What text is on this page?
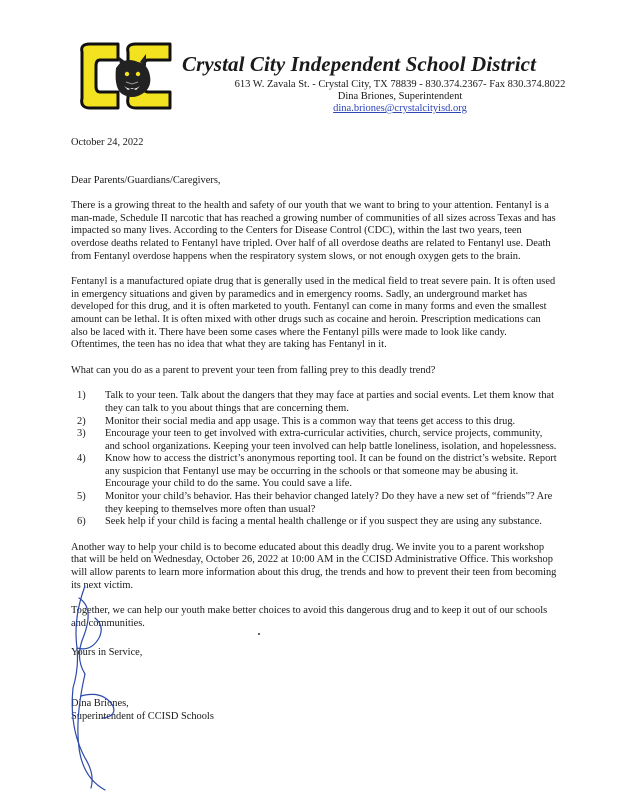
Crystal City Independent School District
613 W. Zavala St. - Crystal City, TX 78839 - 830.374.2367- Fax 830.374.8022
Dina Briones, Superintendent
dina.briones@crystalcityisd.org

October 24, 2022

Dear Parents/Guardians/Caregivers,

There is a growing threat to the health and safety of our youth that we want to bring to your attention. Fentanyl is a man-made, Schedule II narcotic that has reached a growing number of communities of all sizes across Texas and has impacted so many lives. According to the Centers for Disease Control (CDC), within the last two years, teen overdose deaths related to Fentanyl have tripled. Over half of all overdose deaths are related to Fentanyl use. Death from Fentanyl overdose happens when the respiratory system slows, or not enough oxygen gets to the brain.

Fentanyl is a manufactured opiate drug that is generally used in the medical field to treat severe pain. It is often used in emergency situations and given by paramedics and in emergency rooms. Sadly, an underground market has developed for this drug, and it is often marketed to youth. Fentanyl can come in many forms and even the smallest amount can be lethal. It is often mixed with other drugs such as cocaine and heroin. Prescription medications can also be laced with it. There have been some cases where the Fentanyl pills were made to look like candy. Oftentimes, the teen has no idea that what they are taking has Fentanyl in it.

What can you do as a parent to prevent your teen from falling prey to this deadly trend?

1)	Talk to your teen. Talk about the dangers that they may face at parties and social events. Let them know that they can talk to you about things that are concerning them.
2)	Monitor their social media and app usage. This is a common way that teens get access to this drug.
3)	Encourage your teen to get involved with extra-curricular activities, church, service projects, community, and school organizations. Keeping your teen involved can help battle loneliness, isolation, and hopelessness.
4)	Know how to access the district’s anonymous reporting tool. It can be found on the district’s website. Report any suspicion that Fentanyl use may be occurring in the schools or that someone may be abusing it. Encourage your child to do the same. You could save a life.
5)	Monitor your child’s behavior. Has their behavior changed lately? Do they have a new set of “friends”? Are they keeping to themselves more often than usual?
6)	Seek help if your child is facing a mental health challenge or if you suspect they are using any substance.

Another way to help your child is to become educated about this deadly drug. We invite you to a parent workshop that will be held on Wednesday, October 26, 2022 at 10:00 AM in the CCISD Administrative Office. This workshop will allow parents to learn more information about this drug, the trends and how to prevent their teen from becoming its next victim.

Together, we can help our youth make better choices to avoid this dangerous drug and to keep it out of our schools and communities.

Yours in Service,

Dina Briones,

Superintendent of CCISD Schools
